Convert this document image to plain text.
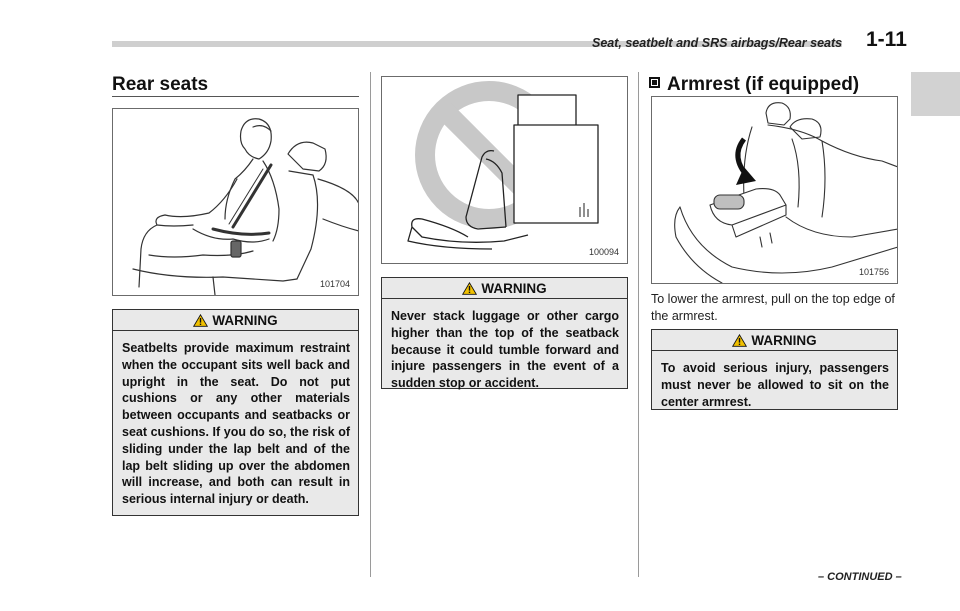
Seat, seatbelt and SRS airbags/Rear seats 1-11
Rear seats
101704
WARNING

Seatbelts provide maximum restraint when the occupant sits well back and upright in the seat. Do not put cushions or any other materials between occupants and seatbacks or seat cushions. If you do so, the risk of sliding under the lap belt and of the lap belt sliding up over the abdomen will increase, and both can result in serious internal injury or death.

100094
WARNING

Never stack luggage or other cargo higher than the top of the seatback because it could tumble forward and injure passengers in the event of a sudden stop or accident.

Armrest (if equipped)
101756

To lower the armrest, pull on the top edge of the armrest.

WARNING

To avoid serious injury, passengers must never be allowed to sit on the center armrest.

– CONTINUED –
